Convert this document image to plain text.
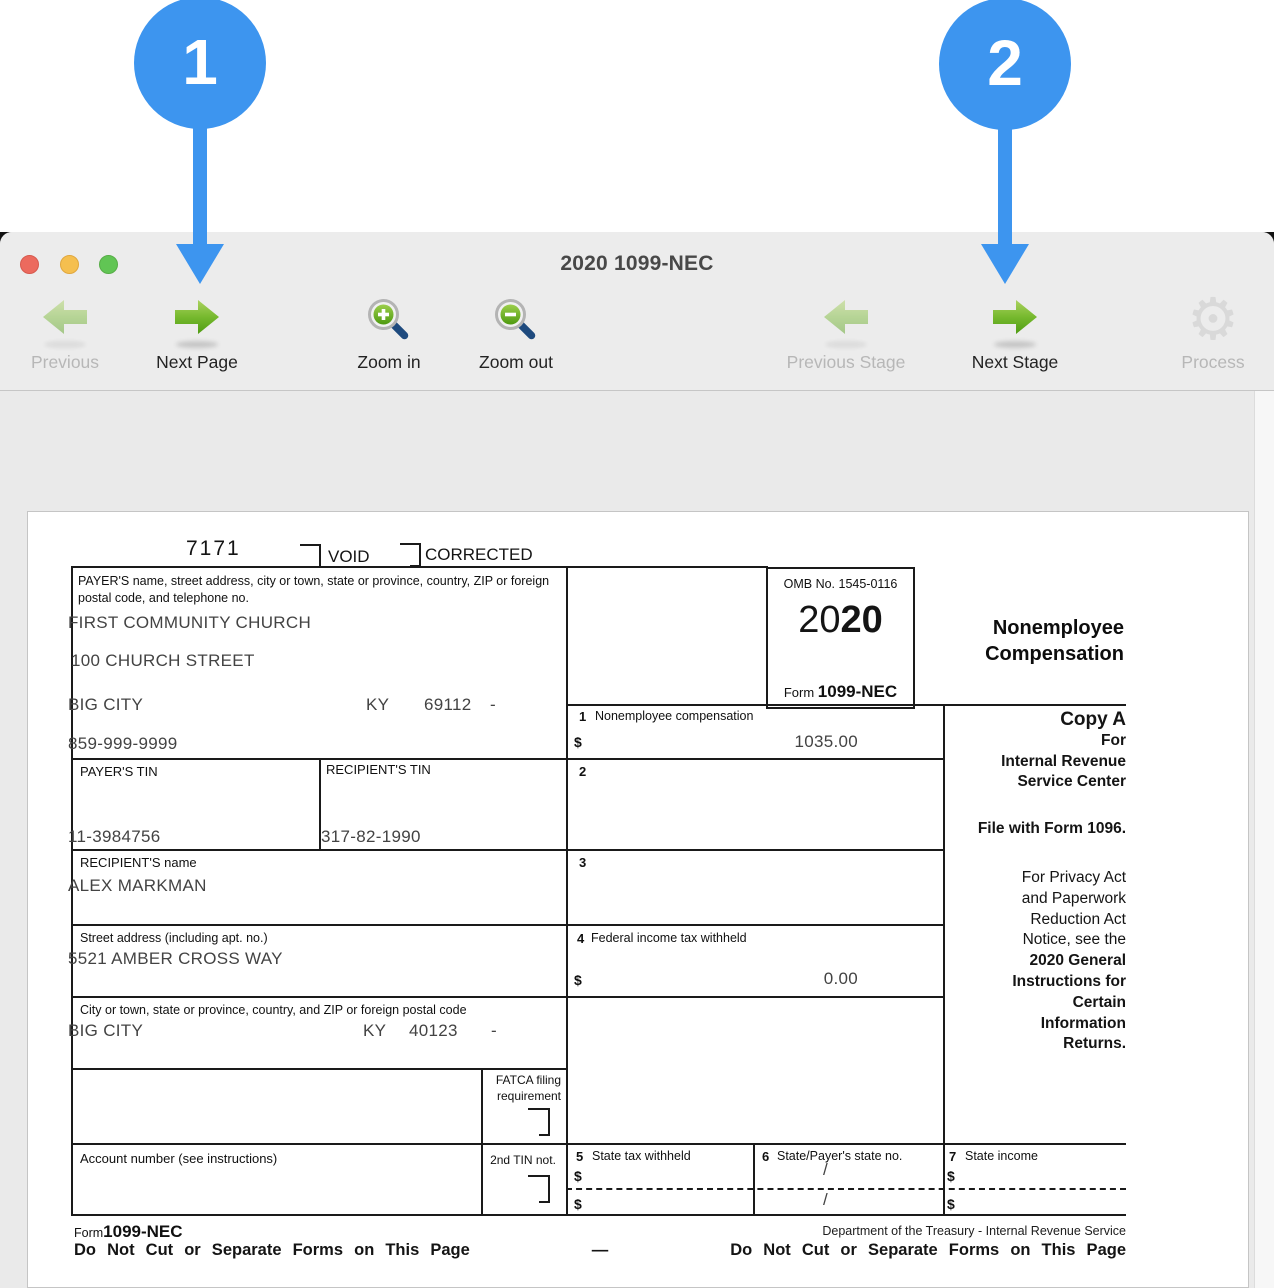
2020 1099-NEC
Previous	Next Page	Zoom in	Zoom out	Previous Stage	Next Stage
⚙
Process
7171	VOID	CORRECTED
PAYER'S name, street address, city or town, state or province, country, ZIP or foreign postal code, and telephone no.
FIRST COMMUNITY CHURCH
100 CHURCH STREET
BIG CITY	KY 69112 -
859-999-9999
OMB No. 1545-0116
2020
Form 1099-NEC
Nonemployee
Compensation
1 Nonemployee compensation
$	1035.00
PAYER'S TIN	RECIPIENT'S TIN
11-3984756	317-82-1990
2
RECIPIENT'S name
ALEX MARKMAN
3
Street address (including apt. no.)
5521 AMBER CROSS WAY
4 Federal income tax withheld
$	0.00
City or town, state or province, country, and ZIP or foreign postal code
BIG CITY	KY 40123 -
FATCA filing
requirement
Account number (see instructions)	2nd TIN not.	5 State tax withheld
$
$
6 State/Payer's state no.
/
/
7 State income
$
$
Copy A
For
Internal Revenue
Service Center
File with Form 1096.
For Privacy Act
and Paperwork
Reduction Act
Notice, see the
2020 General
Instructions for
Certain
Information
Returns.
Form 1099-NEC	Department of the Treasury - Internal Revenue Service
Do Not Cut or Separate Forms on This Page	—	Do Not Cut or Separate Forms on This Page
1	2
